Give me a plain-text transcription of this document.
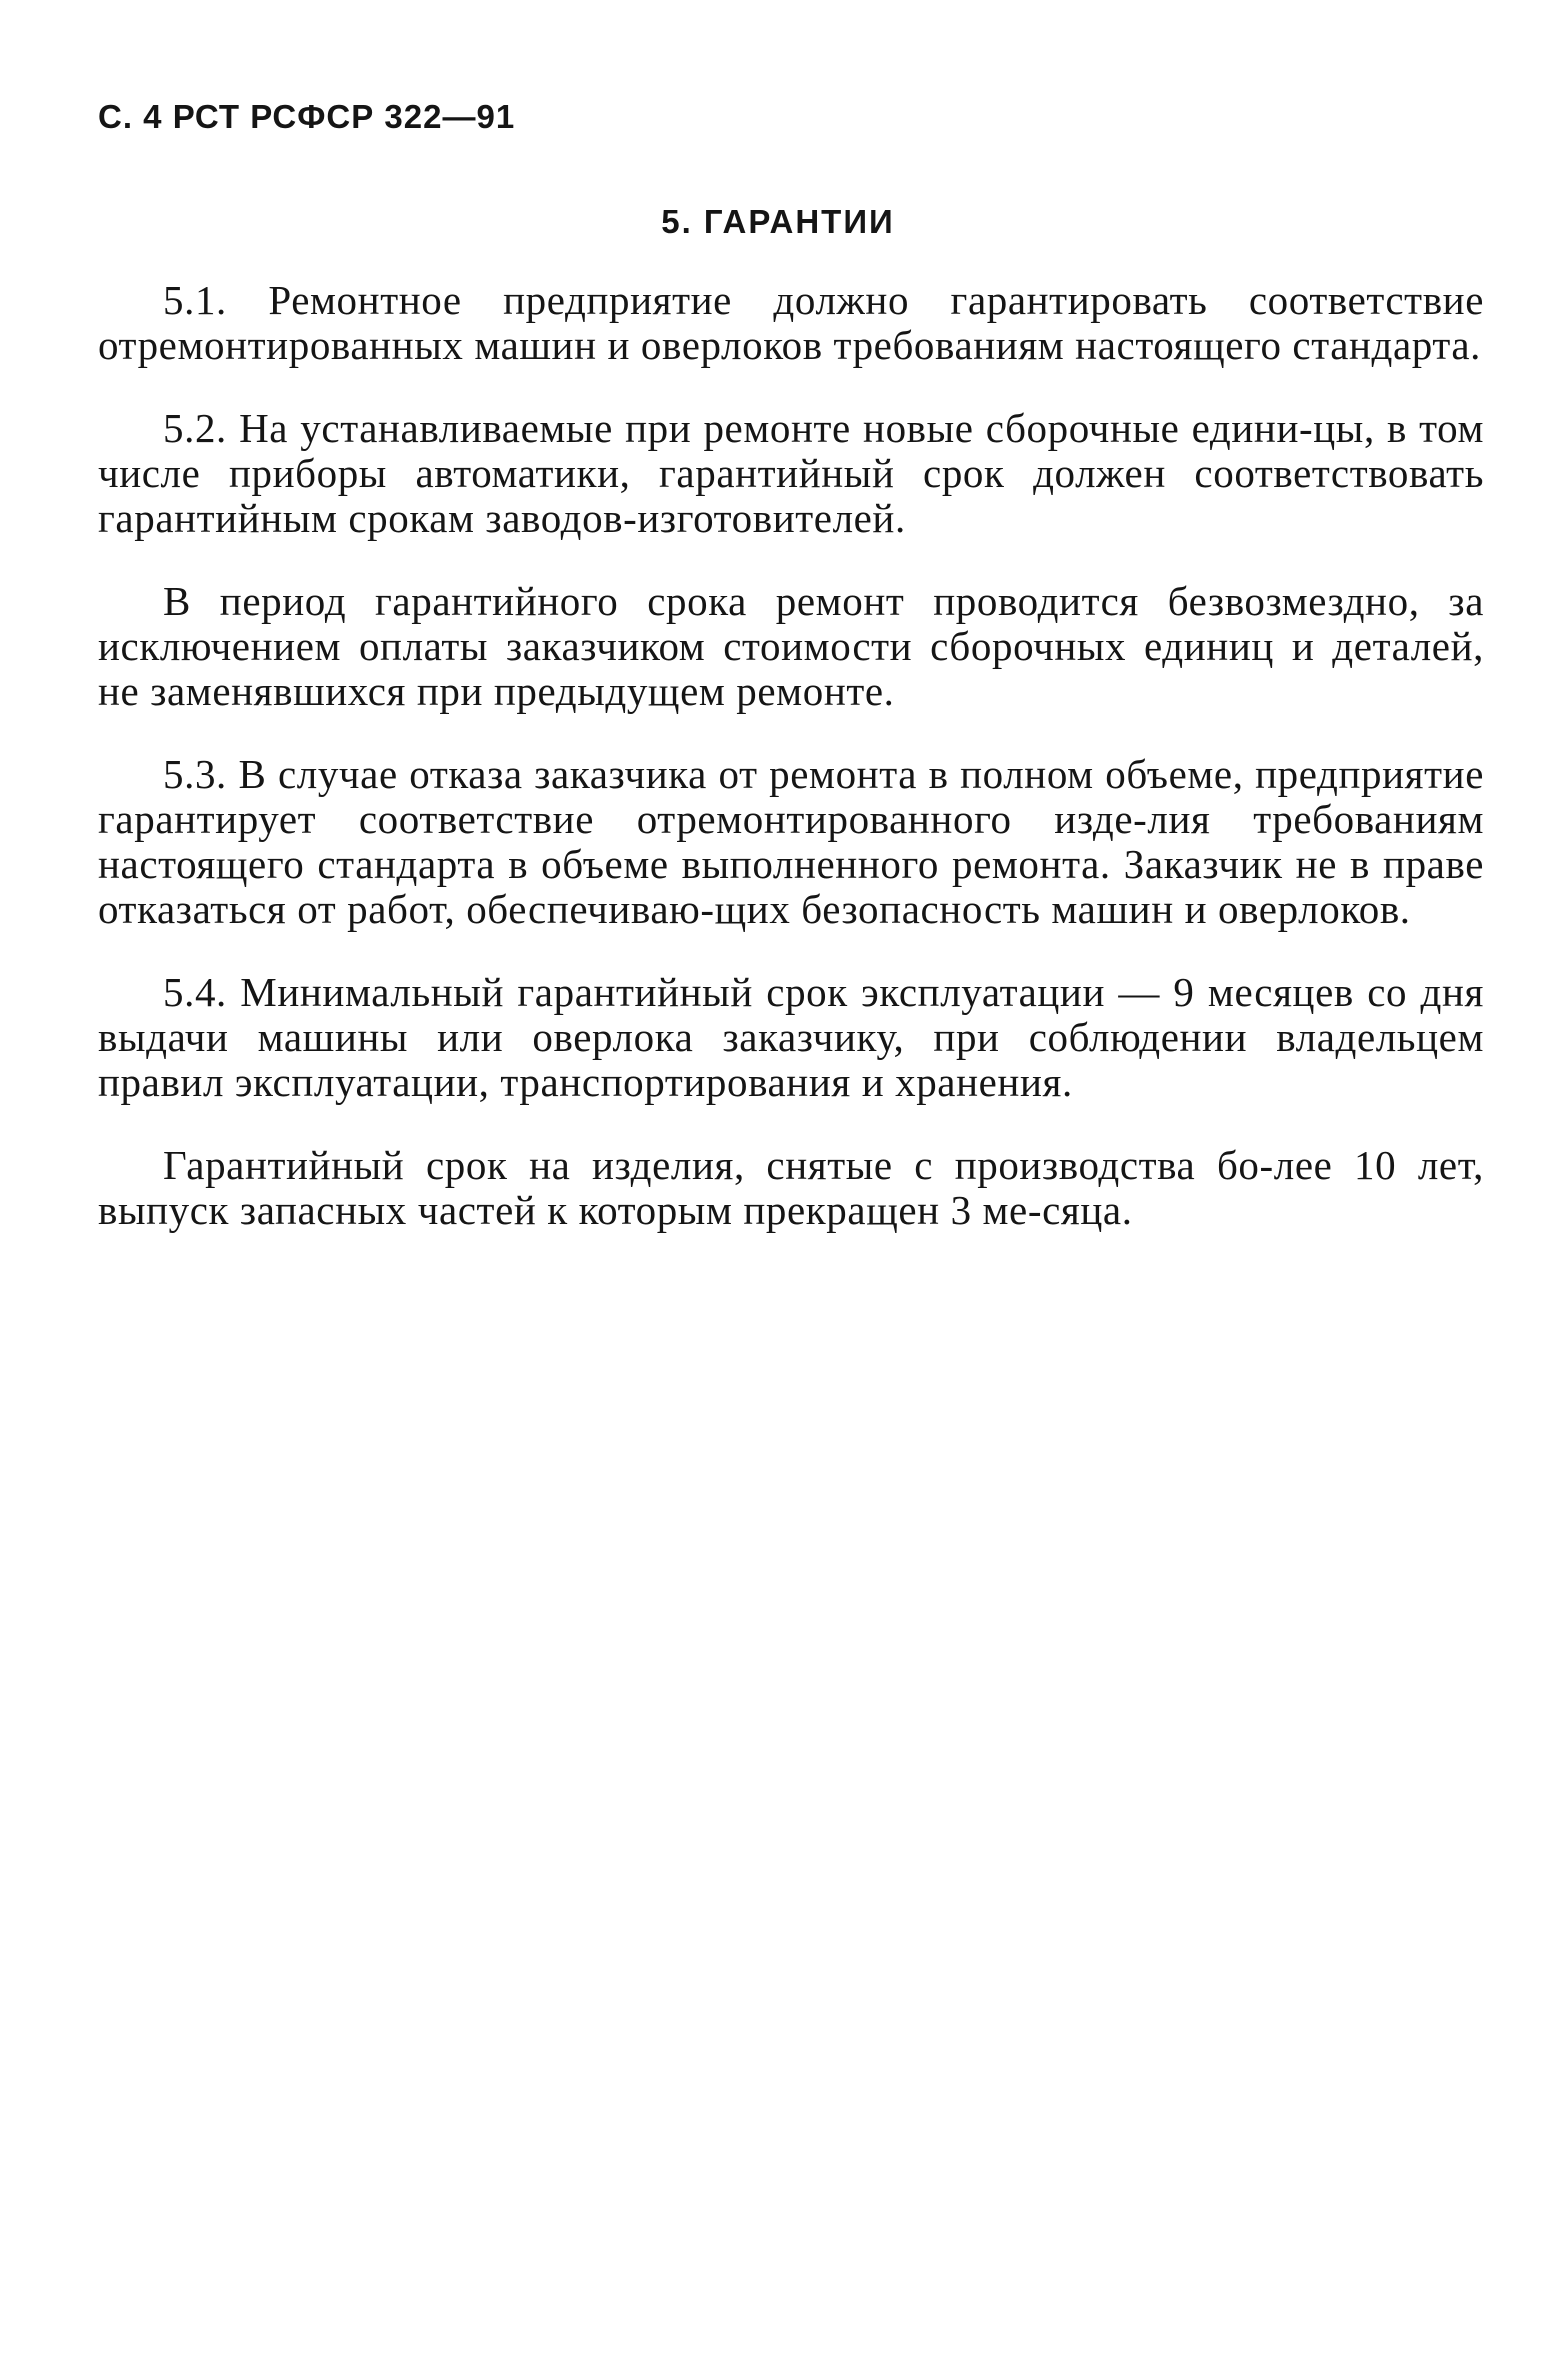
С. 4 РСТ РСФСР 322—91
5. ГАРАНТИИ

5.1. Ремонтное предприятие должно гарантировать соответствие отремонтированных машин и оверлоков требованиям настоящего стандарта.

5.2. На устанавливаемые при ремонте новые сборочные едини-цы, в том числе приборы автоматики, гарантийный срок должен соответствовать гарантийным срокам заводов-изготовителей.

В период гарантийного срока ремонт проводится безвозмездно, за исключением оплаты заказчиком стоимости сборочных единиц и деталей, не заменявшихся при предыдущем ремонте.

5.3. В случае отказа заказчика от ремонта в полном объеме, предприятие гарантирует соответствие отремонтированного изде-лия требованиям настоящего стандарта в объеме выполненного ремонта. Заказчик не в праве отказаться от работ, обеспечиваю-щих безопасность машин и оверлоков.

5.4. Минимальный гарантийный срок эксплуатации — 9 месяцев со дня выдачи машины или оверлока заказчику, при соблюдении владельцем правил эксплуатации, транспортирования и хранения.

Гарантийный срок на изделия, снятые с производства бо-лее 10 лет, выпуск запасных частей к которым прекращен 3 ме-сяца.
